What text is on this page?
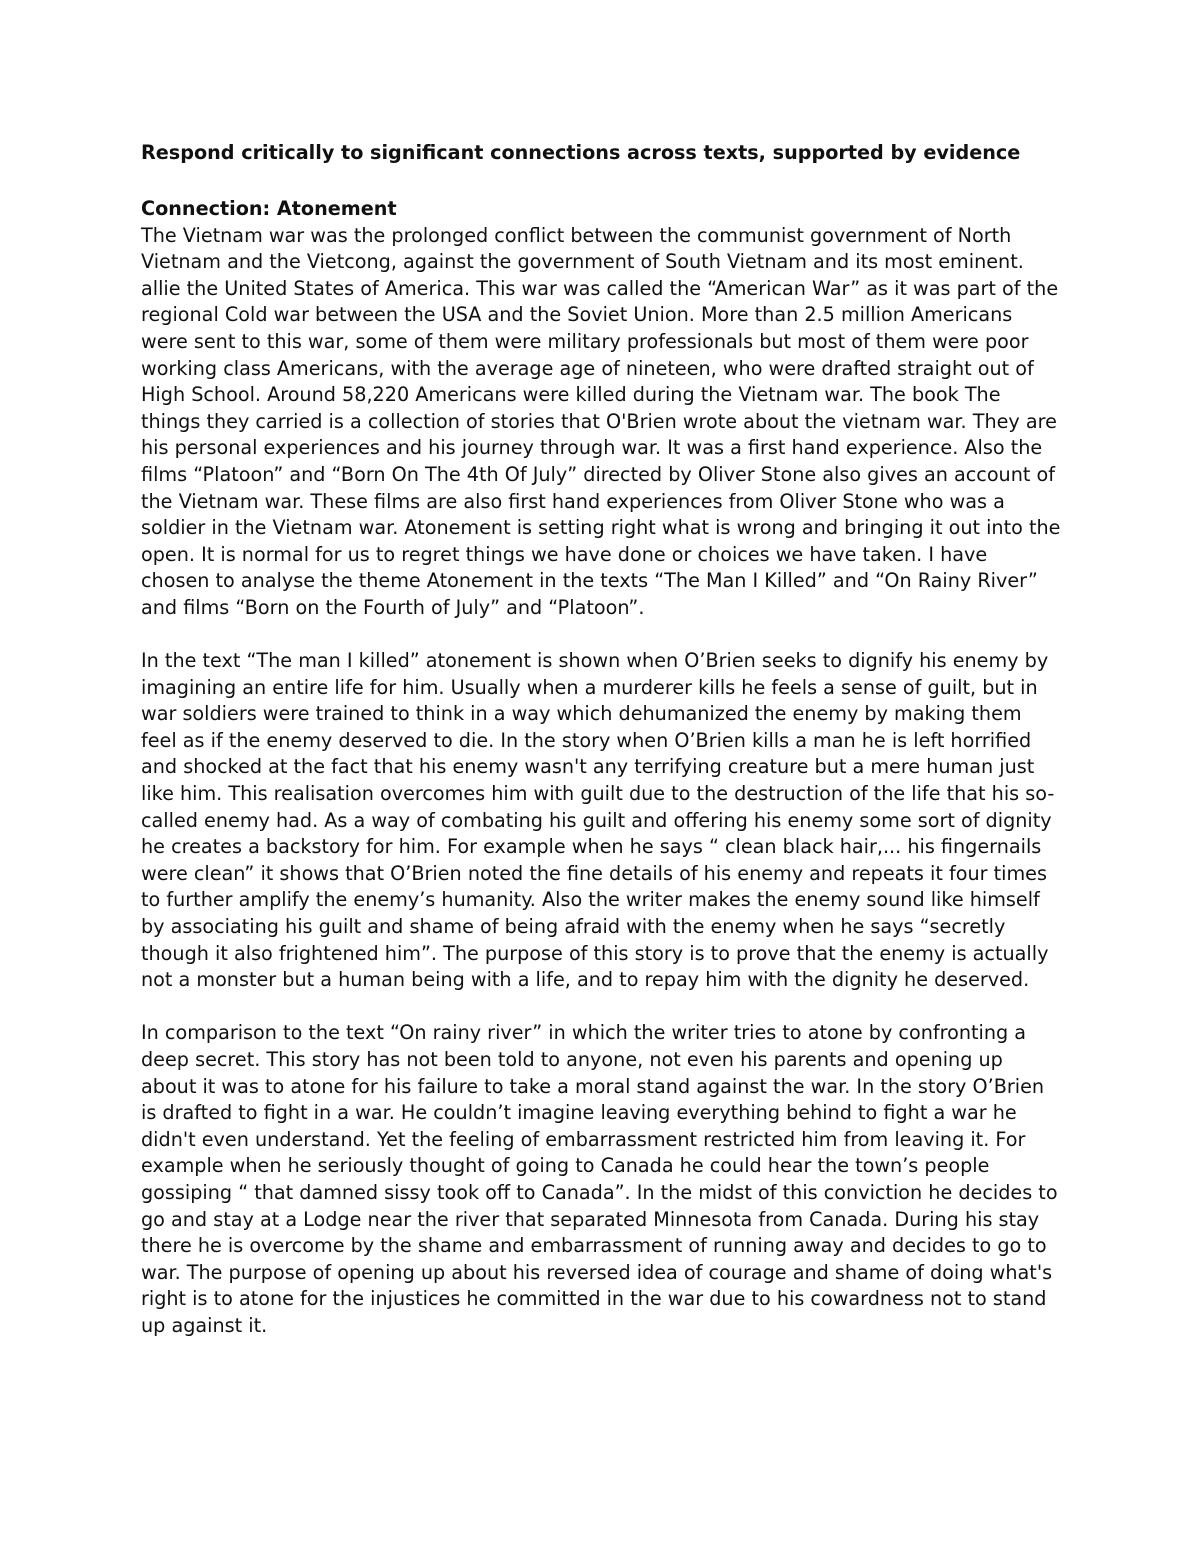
Respond critically to significant connections across texts, supported by evidence

Connection: Atonement

The Vietnam war was the prolonged conflict between the communist government of North Vietnam and the Vietcong, against the government of South Vietnam and its most eminent. allie the United States of America. This war was called the “American War” as it was part of the regional Cold war between the USA and the Soviet Union. More than 2.5 million Americans were sent to this war, some of them were military professionals but most of them were poor working class Americans, with the average age of nineteen, who were drafted straight out of High School. Around 58,220 Americans were killed during the Vietnam war. The book The things they carried is a collection of stories that O'Brien wrote about the vietnam war. They are his personal experiences and his journey through war. It was a first hand experience. Also the films “Platoon” and “Born On The 4th Of July” directed by Oliver Stone also gives an account of the Vietnam war. These films are also first hand experiences from Oliver Stone who was a soldier in the Vietnam war. Atonement is setting right what is wrong and bringing it out into the open. It is normal for us to regret things we have done or choices we have taken. I have chosen to analyse the theme Atonement in the texts “The Man I Killed” and “On Rainy River” and films “Born on the Fourth of July” and “Platoon”.

In the text “The man I killed” atonement is shown when O’Brien seeks to dignify his enemy by imagining an entire life for him. Usually when a murderer kills he feels a sense of guilt, but in war soldiers were trained to think in a way which dehumanized the enemy by making them feel as if the enemy deserved to die. In the story when O’Brien kills a man he is left horrified and shocked at the fact that his enemy wasn't any terrifying creature but a mere human just like him. This realisation overcomes him with guilt due to the destruction of the life that his so-called enemy had. As a way of combating his guilt and offering his enemy some sort of dignity he creates a backstory for him. For example when he says “ clean black hair,... his fingernails were clean” it shows that O’Brien noted the fine details of his enemy and repeats it four times to further amplify the enemy’s humanity. Also the writer makes the enemy sound like himself by associating his guilt and shame of being afraid with the enemy when he says “secretly though it also frightened him”. The purpose of this story is to prove that the enemy is actually not a monster but a human being with a life, and to repay him with the dignity he deserved.

In comparison to the text “On rainy river” in which the writer tries to atone by confronting a deep secret. This story has not been told to anyone, not even his parents and opening up about it was to atone for his failure to take a moral stand against the war. In the story O’Brien is drafted to fight in a war. He couldn’t imagine leaving everything behind to fight a war he didn't even understand. Yet the feeling of embarrassment restricted him from leaving it. For example when he seriously thought of going to Canada he could hear the town’s people gossiping “ that damned sissy took off to Canada”. In the midst of this conviction he decides to go and stay at a Lodge near the river that separated Minnesota from Canada. During his stay there he is overcome by the shame and embarrassment of running away and decides to go to war. The purpose of opening up about his reversed idea of courage and shame of doing what's right is to atone for the injustices he committed in the war due to his cowardness not to stand up against it.
